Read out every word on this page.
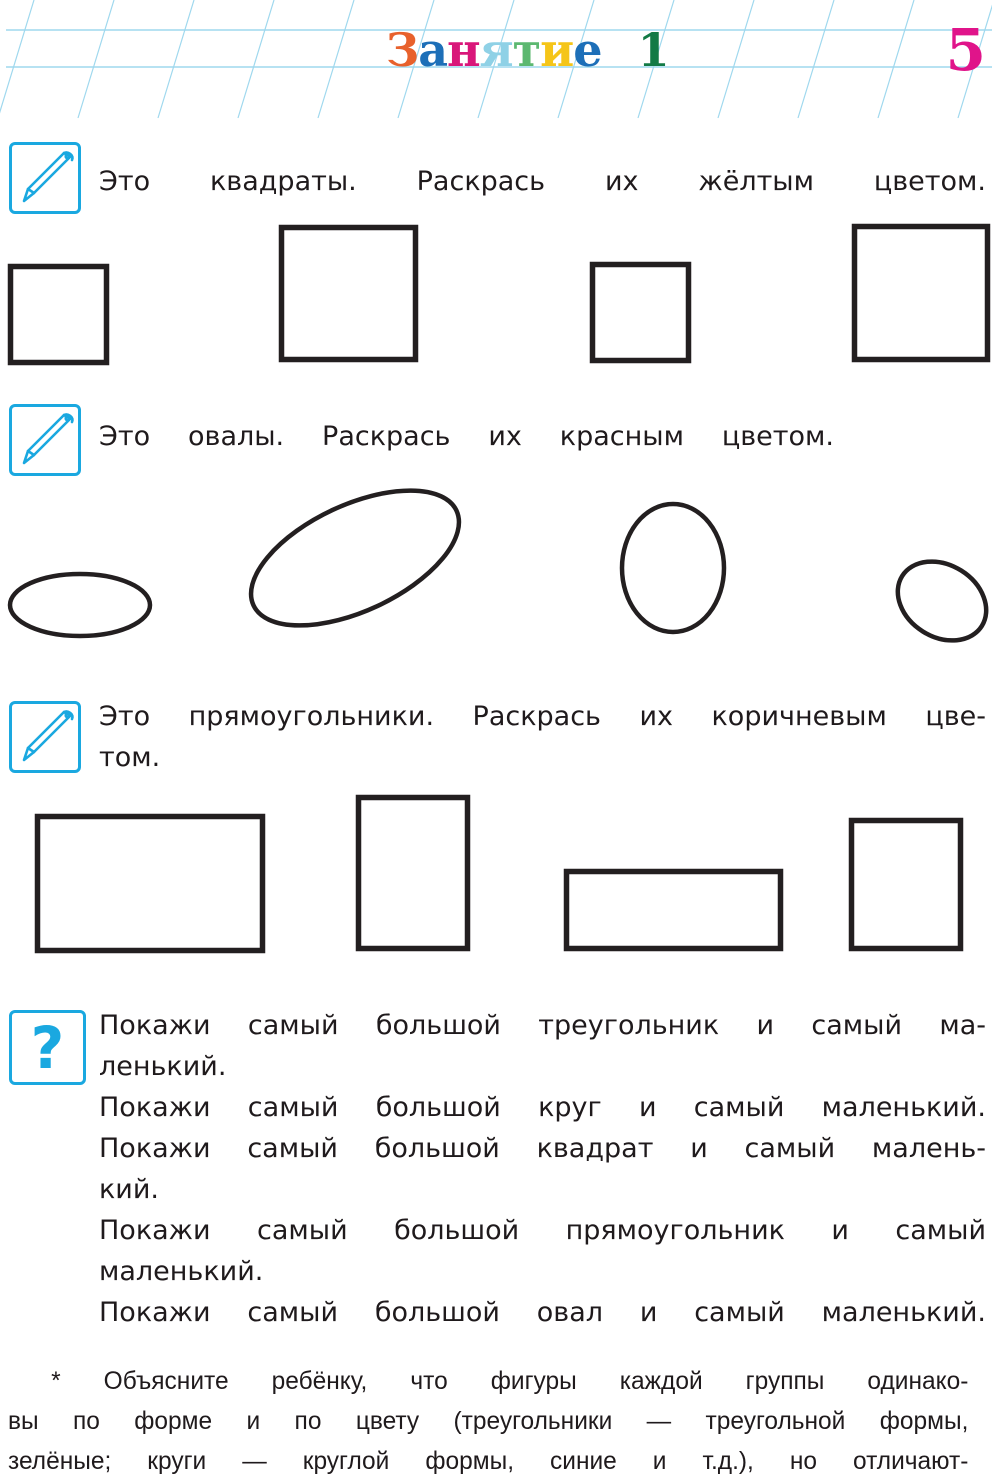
Занятие 1	5

Это квадраты. Раскрась их жёлтым цветом.

Это овалы. Раскрась их красным цветом.

Это прямоугольники. Раскрась их коричневым цве-

том.

?	Покажи самый большой треугольник и самый ма-

ленький.

Покажи самый большой круг и самый маленький.

Покажи самый большой квадрат и самый малень-

кий.

Покажи самый большой прямоугольник и самый

маленький.

Покажи самый большой овал и самый маленький.

* Объясните ребёнку, что фигуры каждой группы одинако-

вы по форме и по цвету (треугольники — треугольной формы,

зелёные; круги — круглой формы, синие и т.д.), но отличают-
